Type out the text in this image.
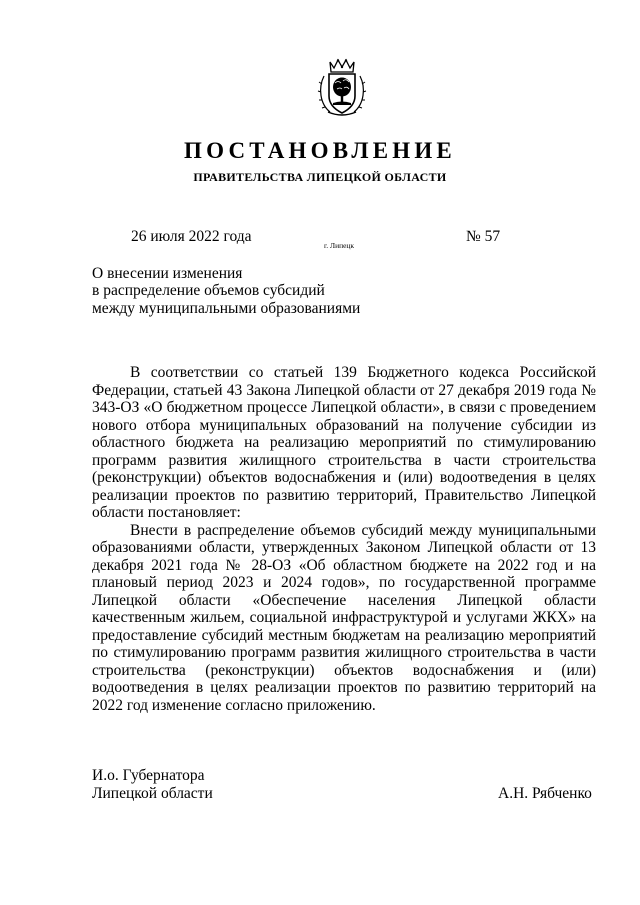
ПОСТАНОВЛЕНИЕ
ПРАВИТЕЛЬСТВА ЛИПЕЦКОЙ ОБЛАСТИ
26 июля 2022 года
г. Липецк
№ 57
О внесении изменения
в распределение объемов субсидий
между муниципальными образованиями

В соответствии со статьей 139 Бюджетного кодекса Российской Федерации, статьей 43 Закона Липецкой области от 27 декабря 2019 года № 343-ОЗ «О бюджетном процессе Липецкой области», в связи с проведением нового отбора муниципальных образований на получение субсидии из областного бюджета на реализацию мероприятий по стимулированию программ развития жилищного строительства в части строительства (реконструкции) объектов водоснабжения и (или) водоотведения в целях реализации проектов по развитию территорий, Правительство Липецкой области постановляет:

Внести в распределение объемов субсидий между муниципальными образованиями области, утвержденных Законом Липецкой области от 13 декабря 2021 года № 28-ОЗ «Об областном бюджете на 2022 год и на плановый период 2023 и 2024 годов», по государственной программе Липецкой области «Обеспечение населения Липецкой области качественным жильем, социальной инфраструктурой и услугами ЖКХ» на предоставление субсидий местным бюджетам на реализацию мероприятий по стимулированию программ развития жилищного строительства в части строительства (реконструкции) объектов водоснабжения и (или) водоотведения в целях реализации проектов по развитию территорий на 2022 год изменение согласно приложению.

И.о. Губернатора
Липецкой области	А.Н. Рябченко
